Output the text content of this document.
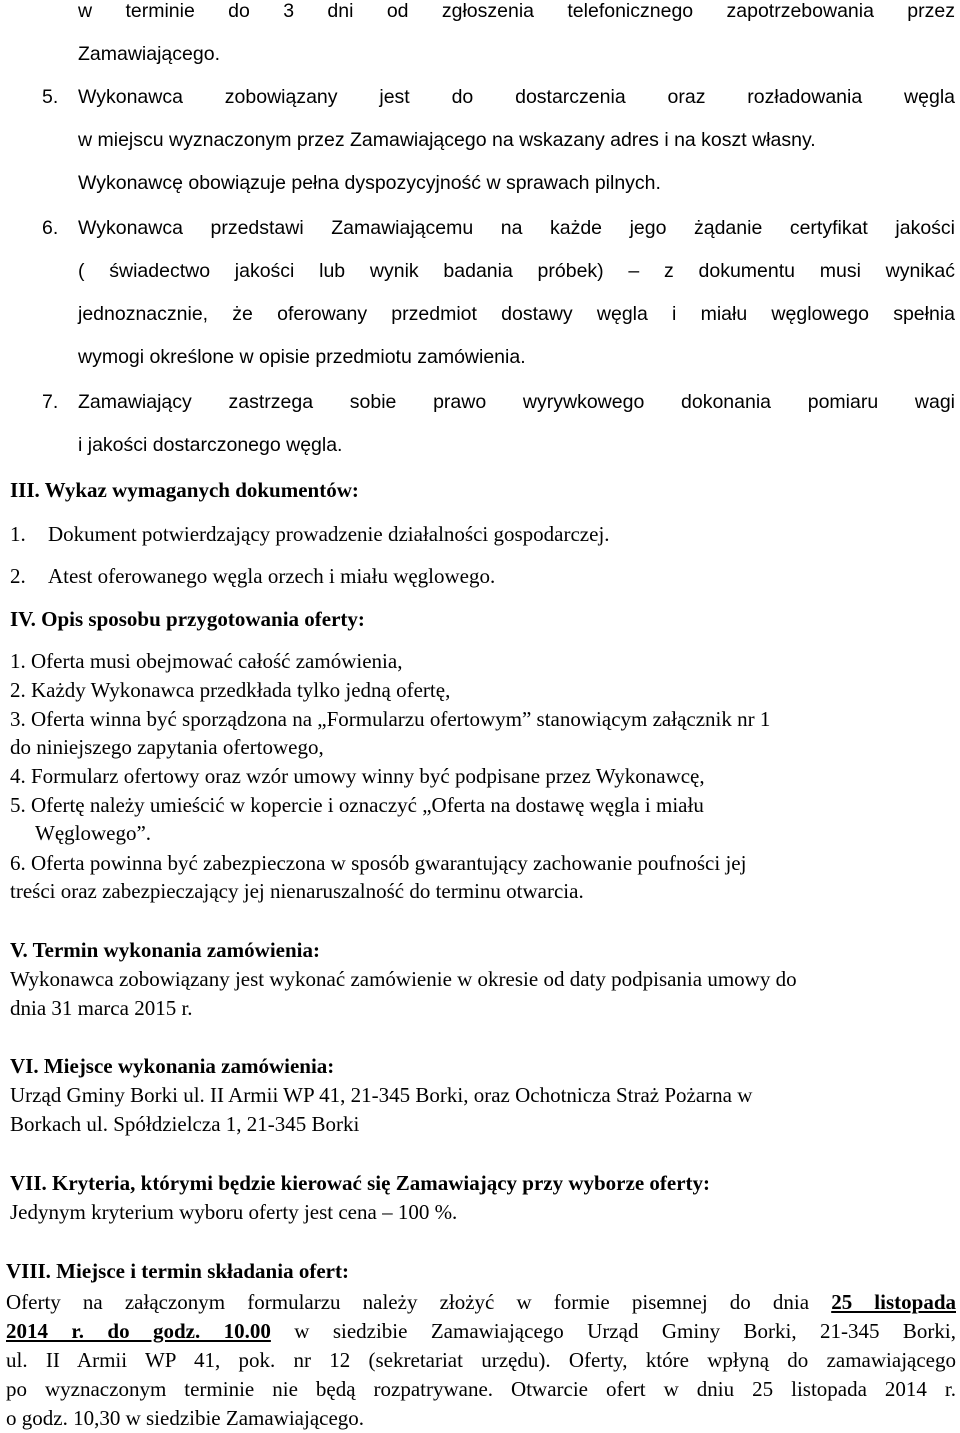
w terminie do 3 dni od zgłoszenia telefonicznego zapotrzebowania przez
Zamawiającego.
5. Wykonawca zobowiązany jest do dostarczenia oraz rozładowania węgla
w miejscu wyznaczonym przez Zamawiającego na wskazany adres i na koszt własny.
Wykonawcę obowiązuje pełna dyspozycyjność w sprawach pilnych.
6. Wykonawca przedstawi Zamawiającemu na każde jego żądanie certyfikat jakości
( świadectwo jakości lub wynik badania próbek) – z dokumentu musi wynikać
jednoznacznie, że oferowany przedmiot dostawy węgla i miału węglowego spełnia
wymogi określone w opisie przedmiotu zamówienia.
7. Zamawiający zastrzega sobie prawo wyrywkowego dokonania pomiaru wagi
i jakości dostarczonego węgla.
III. Wykaz wymaganych dokumentów:
1. Dokument potwierdzający prowadzenie działalności gospodarczej.
2. Atest oferowanego węgla orzech i miału węglowego.
IV. Opis sposobu przygotowania oferty:
1. Oferta musi obejmować całość zamówienia,
2. Każdy Wykonawca przedkłada tylko jedną ofertę,
3. Oferta winna być sporządzona na „Formularzu ofertowym” stanowiącym załącznik nr 1
do niniejszego zapytania ofertowego,
4. Formularz ofertowy oraz wzór umowy winny być podpisane przez Wykonawcę,
5. Ofertę należy umieścić w kopercie i oznaczyć „Oferta na dostawę węgla i miału
Węglowego”.
6. Oferta powinna być zabezpieczona w sposób gwarantujący zachowanie poufności jej
treści oraz zabezpieczający jej nienaruszalność do terminu otwarcia.
V. Termin wykonania zamówienia:
Wykonawca zobowiązany jest wykonać zamówienie w okresie od daty podpisania umowy do
dnia 31 marca 2015 r.
VI. Miejsce wykonania zamówienia:
Urząd Gminy Borki ul. II Armii WP 41, 21-345 Borki, oraz Ochotnicza Straż Pożarna w
Borkach ul. Spółdzielcza 1, 21-345 Borki
VII. Kryteria, którymi będzie kierować się Zamawiający przy wyborze oferty:
Jedynym kryterium wyboru oferty jest cena – 100 %.
VIII. Miejsce i termin składania ofert:
Oferty na załączonym formularzu należy złożyć w formie pisemnej do dnia 25 listopada
2014 r. do godz. 10.00 w siedzibie Zamawiającego Urząd Gminy Borki, 21-345 Borki,
ul. II Armii WP 41, pok. nr 12 (sekretariat urzędu). Oferty, które wpłyną do zamawiającego
po wyznaczonym terminie nie będą rozpatrywane. Otwarcie ofert w dniu 25 listopada 2014 r.
o godz. 10,30 w siedzibie Zamawiającego.
